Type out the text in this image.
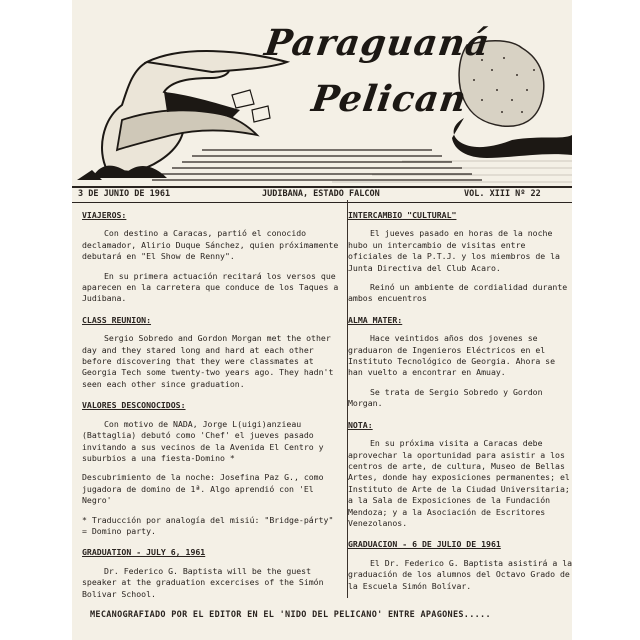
Paraguaná
Pelican
3 DE JUNIO DE 1961	JUDIBANA, ESTADO FALCON	VOL. XIII Nº 22
VIAJEROS:

Con destino a Caracas, partió el conocido declamador, Alirio Duque Sánchez, quien próximamente debutará en "El Show de Renny".

En su primera actuación recitará los versos que aparecen en la carretera que conduce de los Taques a Judibana.

CLASS REUNION:

Sergio Sobredo and Gordon Morgan met the other day and they stared long and hard at each other before discovering that they were classmates at Georgia Tech some twenty-two years ago. They hadn't seen each other since graduation.

VALORES DESCONOCIDOS:

Con motivo de NADA, Jorge L(uigi)anzieau (Battaglia) debutó como 'Chef' el jueves pasado invitando a sus vecinos de la Avenida El Centro y suburbios a una fiesta-Domino *

Descubrimiento de la noche: Josefina Paz G., como jugadora de domino de 1ª. Algo aprendió con 'El Negro'

* Traducción por analogía del misiú: "Bridge-párty" = Domino party.

GRADUATION - JULY 6, 1961

Dr. Federico G. Baptista will be the guest speaker at the graduation excercises of the Simón Bolivar School.

INTERCAMBIO "CULTURAL"

El jueves pasado en horas de la noche hubo un intercambio de visitas entre oficiales de la P.T.J. y los miembros de la Junta Directiva del Club Acaro.

Reinó un ambiente de cordialidad durante ambos encuentros

ALMA MATER:

Hace veintidos años dos jovenes se graduaron de Ingenieros Eléctricos en el Instituto Tecnológico de Georgia. Ahora se han vuelto a encontrar en Amuay.

Se trata de Sergio Sobredo y Gordon Morgan.

NOTA:

En su próxima visita a Caracas debe aprovechar la oportunidad para asistir a los centros de arte, de cultura, Museo de Bellas Artes, donde hay exposiciones permanentes; el Instituto de Arte de la Ciudad Universitaria; a la Sala de Exposiciones de la Fundación Mendoza; y a la Asociación de Escritores Venezolanos.

GRADUACION - 6 DE JULIO DE 1961

El Dr. Federico G. Baptista asistirá a la graduación de los alumnos del Octavo Grado de la Escuela Simón Bolívar.

MECANOGRAFIADO POR EL EDITOR EN EL 'NIDO DEL PELICANO' ENTRE APAGONES.....
